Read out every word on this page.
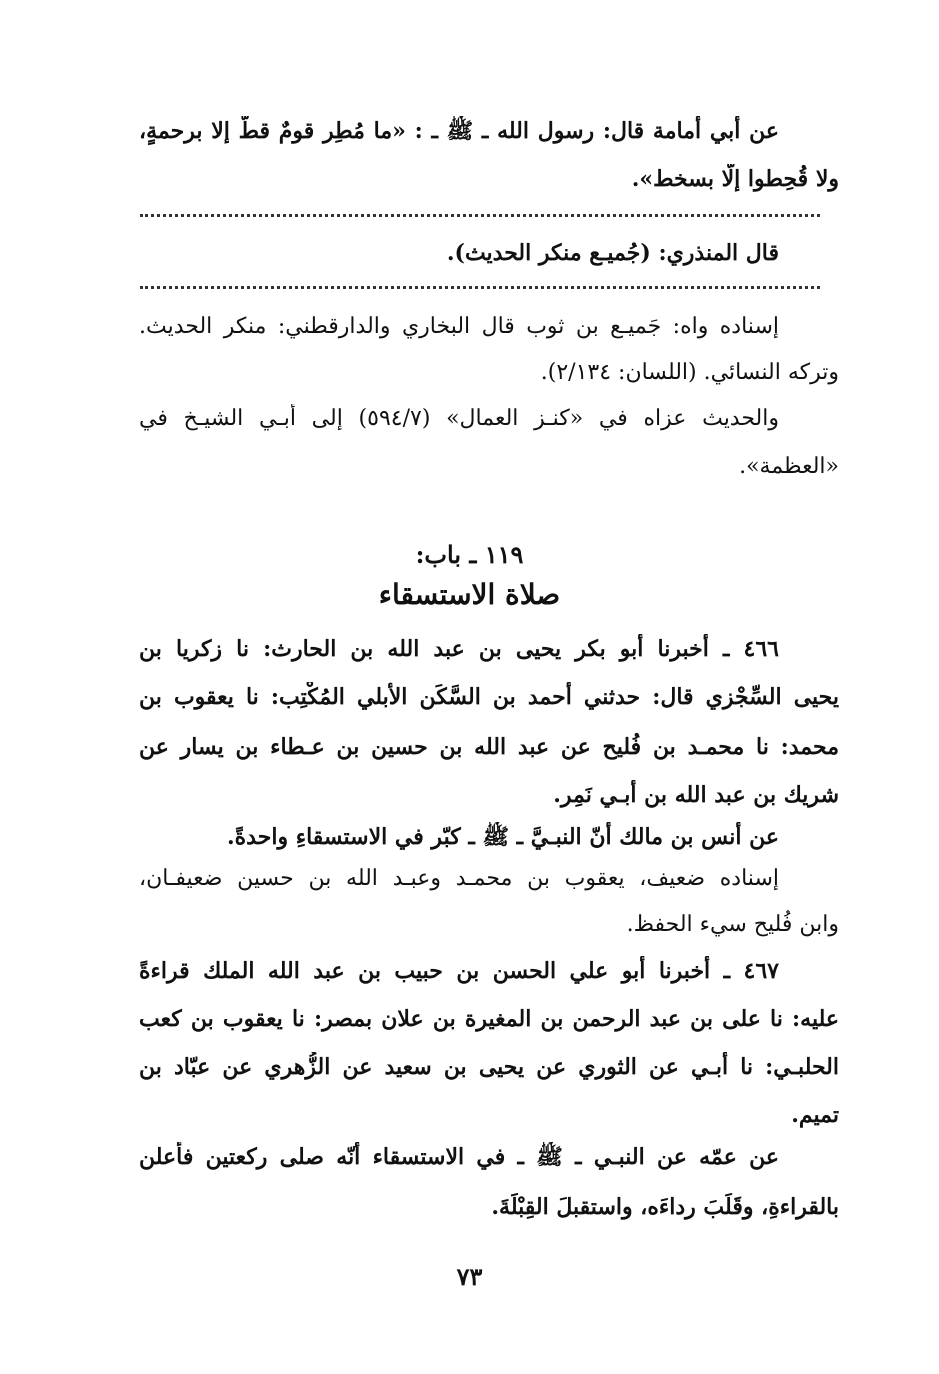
عن أبي أمامة قال: رسول الله ـ ﷺ ـ : «ما مُطِر قومٌ قطُّ إلا برحمةٍ،
ولا قُحِطوا إلّا بسخط».
قال المنذري: (جُميـع منكر الحديث).
إسناده واه: جَميـع بن ثوب قال البخاري والدارقطني: منكر الحديث.
وتركه النسائي. (اللسان: ٢/١٣٤).
والحديث عزاه في «كنـز العمال» (٥٩٤/٧) إلى أبـي الشيـخ في
«العظمة».
١١٩ ـ باب:
صلاة الاستسقاء
٤٦٦ ـ أخبرنا أبو بكر يحيى بن عبد الله بن الحارث: نا زكريا بن
يحيى السِّجْزي قال: حدثني أحمد بن السَّكَن الأبلي المُكْتِب: نا يعقوب بن
محمد: نا محمـد بن فُليح عن عبد الله بن حسين بن عـطاء بن يسار عن
شريك بن عبد الله بن أبـي نَمِر.
عن أنس بن مالك أنّ النبـيَّ ـ ﷺ ـ كبّر في الاستسقاءِ واحدةً.
إسناده ضعيف، يعقوب بن محمـد وعبـد الله بن حسين ضعيفـان،
وابن فُليح سيء الحفظ.
٤٦٧ ـ أخبرنا أبو علي الحسن بن حبيب بن عبد الله الملك قراءةً
عليه: نا على بن عبد الرحمن بن المغيرة بن علان بمصر: نا يعقوب بن كعب
الحلبـي: نا أبـي عن الثوري عن يحيى بن سعيد عن الزُّهري عن عبّاد بن
تميم.
عن عمّه عن النبـي ـ ﷺ ـ في الاستسقاء أنّه صلى ركعتين فأعلن
بالقراءةِ، وقَلَبَ رداءَه، واستقبلَ القِبْلَةَ.
٧٣
